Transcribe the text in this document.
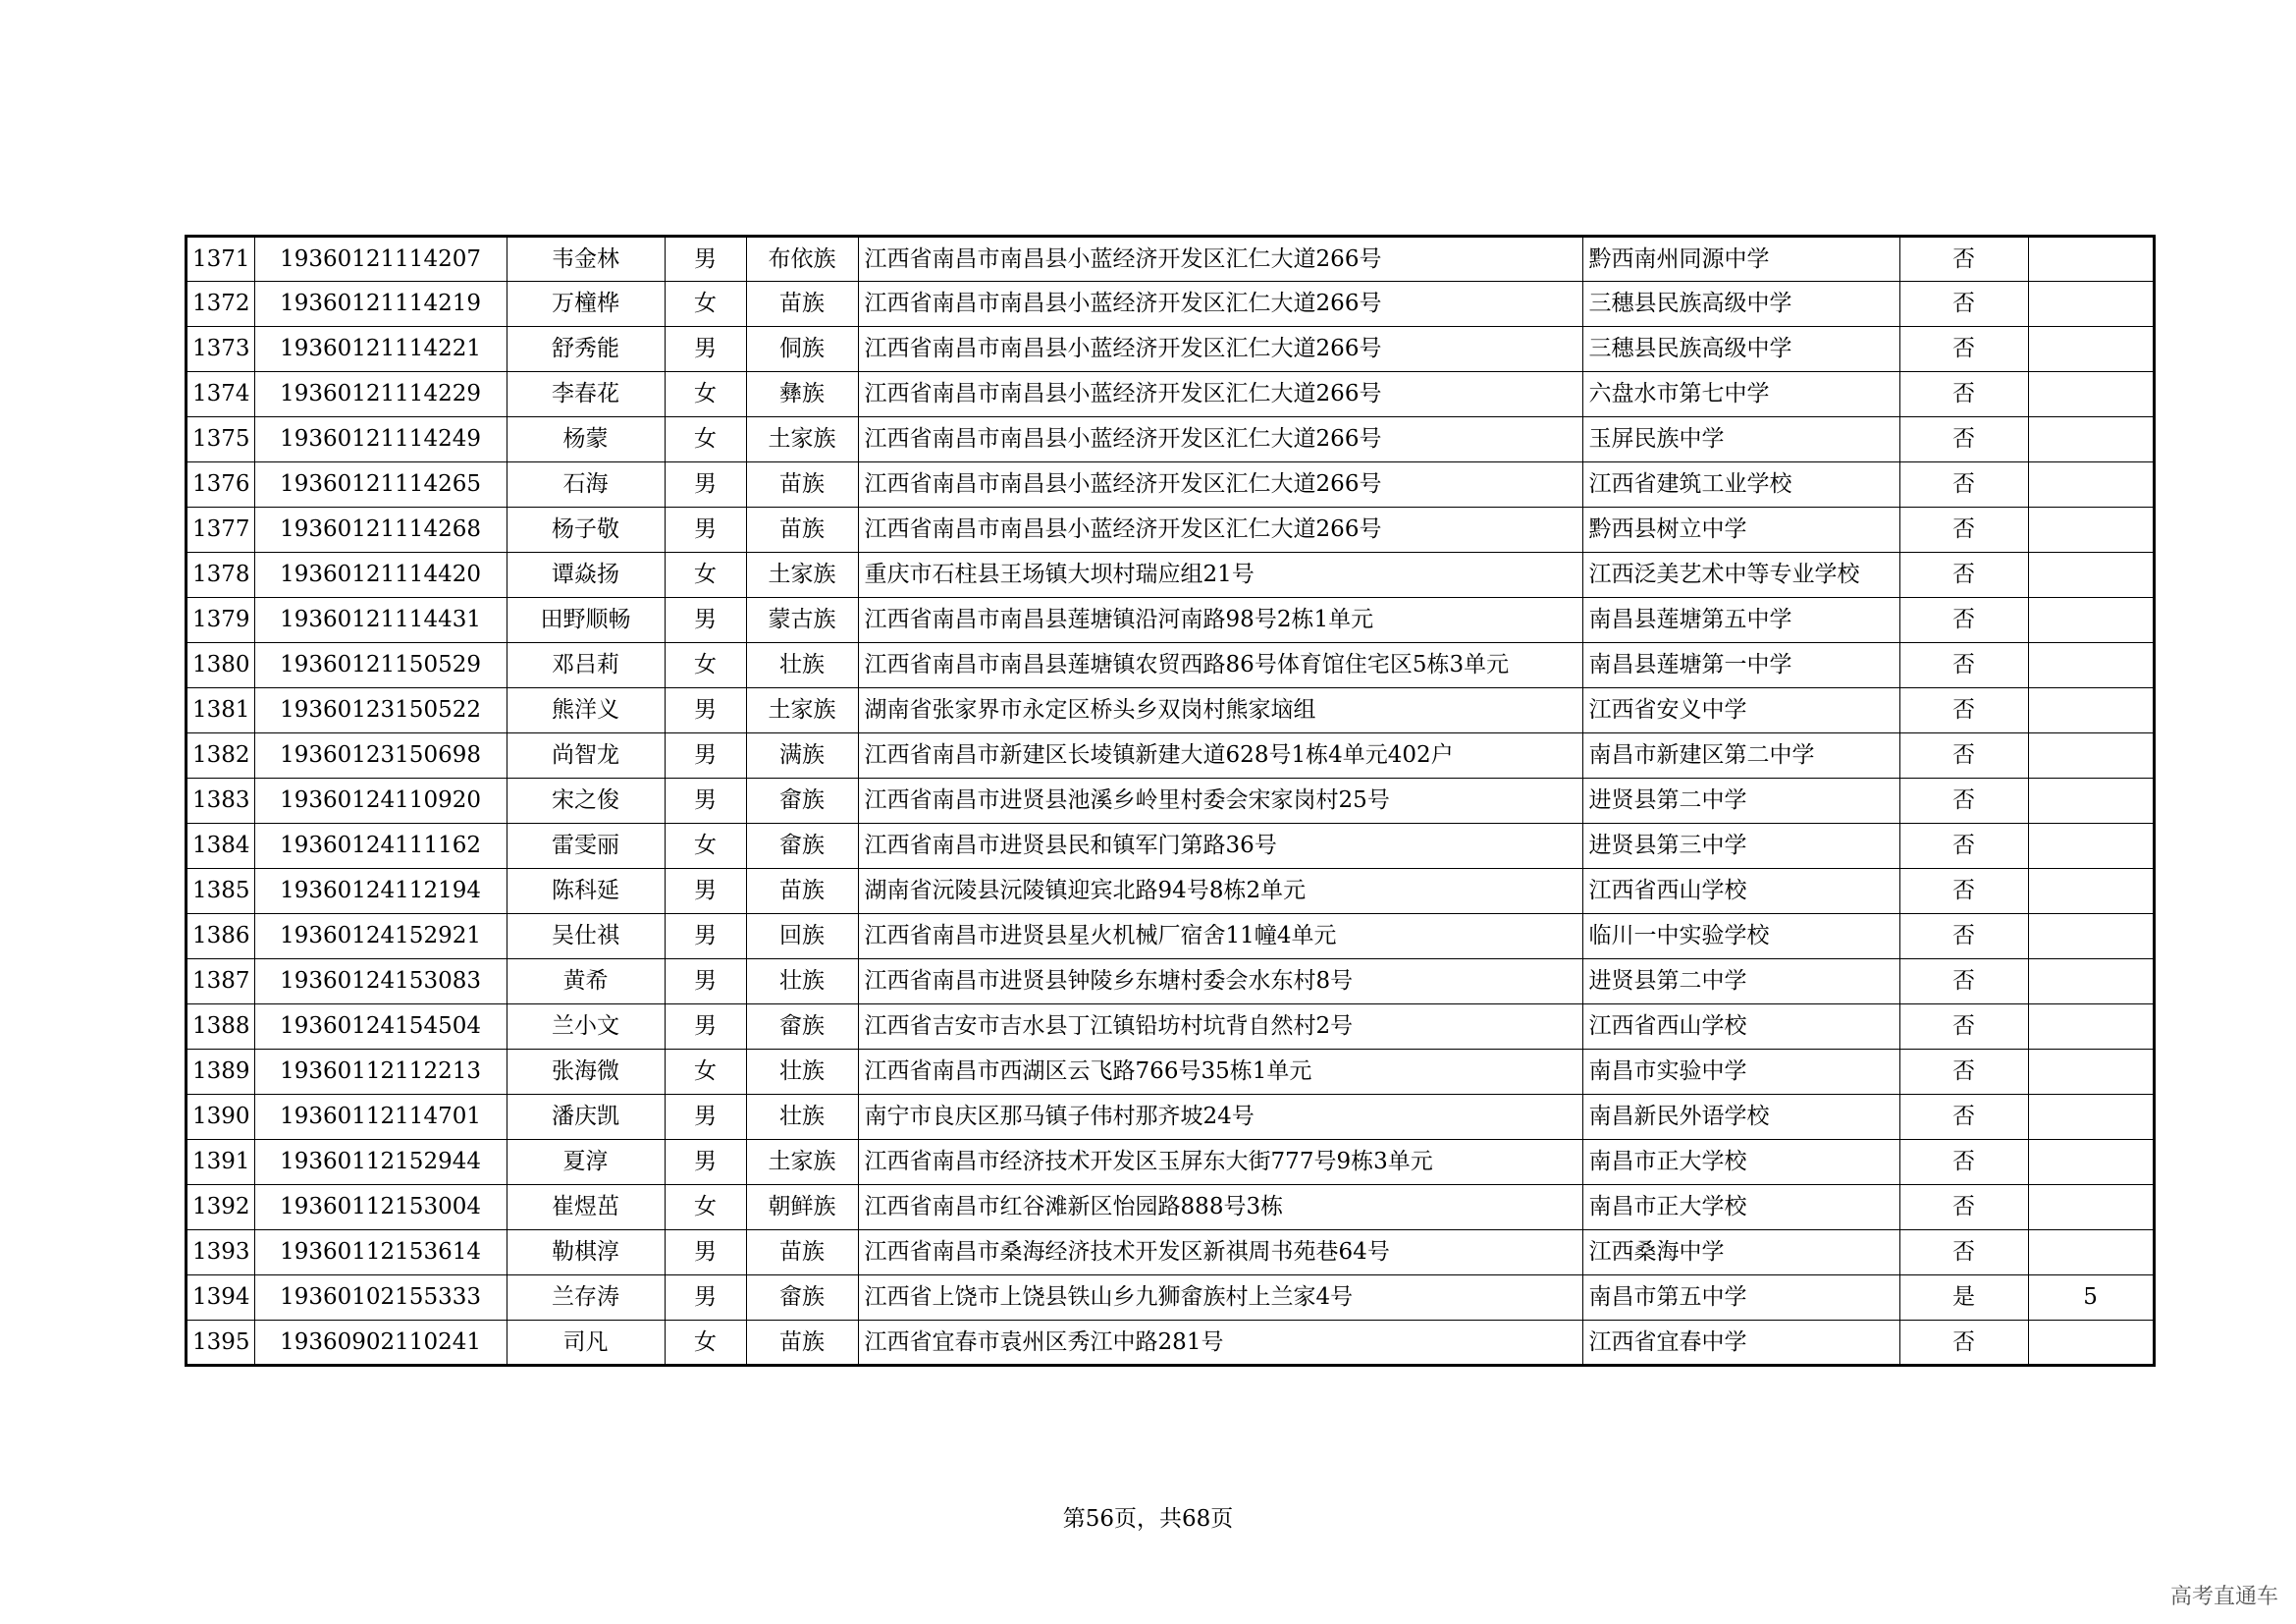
1371	19360121114207	韦金林	男	布依族	江西省南昌市南昌县小蓝经济开发区汇仁大道266号	黔西南州同源中学	否	
1372	19360121114219	万橦桦	女	苗族	江西省南昌市南昌县小蓝经济开发区汇仁大道266号	三穗县民族高级中学	否	
1373	19360121114221	舒秀能	男	侗族	江西省南昌市南昌县小蓝经济开发区汇仁大道266号	三穗县民族高级中学	否	
1374	19360121114229	李春花	女	彝族	江西省南昌市南昌县小蓝经济开发区汇仁大道266号	六盘水市第七中学	否	
1375	19360121114249	杨蒙	女	土家族	江西省南昌市南昌县小蓝经济开发区汇仁大道266号	玉屏民族中学	否	
1376	19360121114265	石海	男	苗族	江西省南昌市南昌县小蓝经济开发区汇仁大道266号	江西省建筑工业学校	否	
1377	19360121114268	杨子敬	男	苗族	江西省南昌市南昌县小蓝经济开发区汇仁大道266号	黔西县树立中学	否	
1378	19360121114420	谭焱扬	女	土家族	重庆市石柱县王场镇大坝村瑞应组21号	江西泛美艺术中等专业学校	否	
1379	19360121114431	田野顺畅	男	蒙古族	江西省南昌市南昌县莲塘镇沿河南路98号2栋1单元	南昌县莲塘第五中学	否	
1380	19360121150529	邓吕莉	女	壮族	江西省南昌市南昌县莲塘镇农贸西路86号体育馆住宅区5栋3单元	南昌县莲塘第一中学	否	
1381	19360123150522	熊洋义	男	土家族	湖南省张家界市永定区桥头乡双岗村熊家垴组	江西省安义中学	否	
1382	19360123150698	尚智龙	男	满族	江西省南昌市新建区长堎镇新建大道628号1栋4单元402户	南昌市新建区第二中学	否	
1383	19360124110920	宋之俊	男	畲族	江西省南昌市进贤县池溪乡岭里村委会宋家岗村25号	进贤县第二中学	否	
1384	19360124111162	雷雯丽	女	畲族	江西省南昌市进贤县民和镇军门第路36号	进贤县第三中学	否	
1385	19360124112194	陈科延	男	苗族	湖南省沅陵县沅陵镇迎宾北路94号8栋2单元	江西省西山学校	否	
1386	19360124152921	吴仕祺	男	回族	江西省南昌市进贤县星火机械厂宿舍11幢4单元	临川一中实验学校	否	
1387	19360124153083	黄希	男	壮族	江西省南昌市进贤县钟陵乡东塘村委会水东村8号	进贤县第二中学	否	
1388	19360124154504	兰小文	男	畲族	江西省吉安市吉水县丁江镇铅坊村坑背自然村2号	江西省西山学校	否	
1389	19360112112213	张海微	女	壮族	江西省南昌市西湖区云飞路766号35栋1单元	南昌市实验中学	否	
1390	19360112114701	潘庆凯	男	壮族	南宁市良庆区那马镇子伟村那齐坡24号	南昌新民外语学校	否	
1391	19360112152944	夏淳	男	土家族	江西省南昌市经济技术开发区玉屏东大街777号9栋3单元	南昌市正大学校	否	
1392	19360112153004	崔煜茁	女	朝鲜族	江西省南昌市红谷滩新区怡园路888号3栋	南昌市正大学校	否	
1393	19360112153614	勒棋淳	男	苗族	江西省南昌市桑海经济技术开发区新祺周书苑巷64号	江西桑海中学	否	
1394	19360102155333	兰存涛	男	畲族	江西省上饶市上饶县铁山乡九狮畲族村上兰家4号	南昌市第五中学	是	5
1395	19360902110241	司凡	女	苗族	江西省宜春市袁州区秀江中路281号	江西省宜春中学	否	
第56页，共68页
高考直通车
